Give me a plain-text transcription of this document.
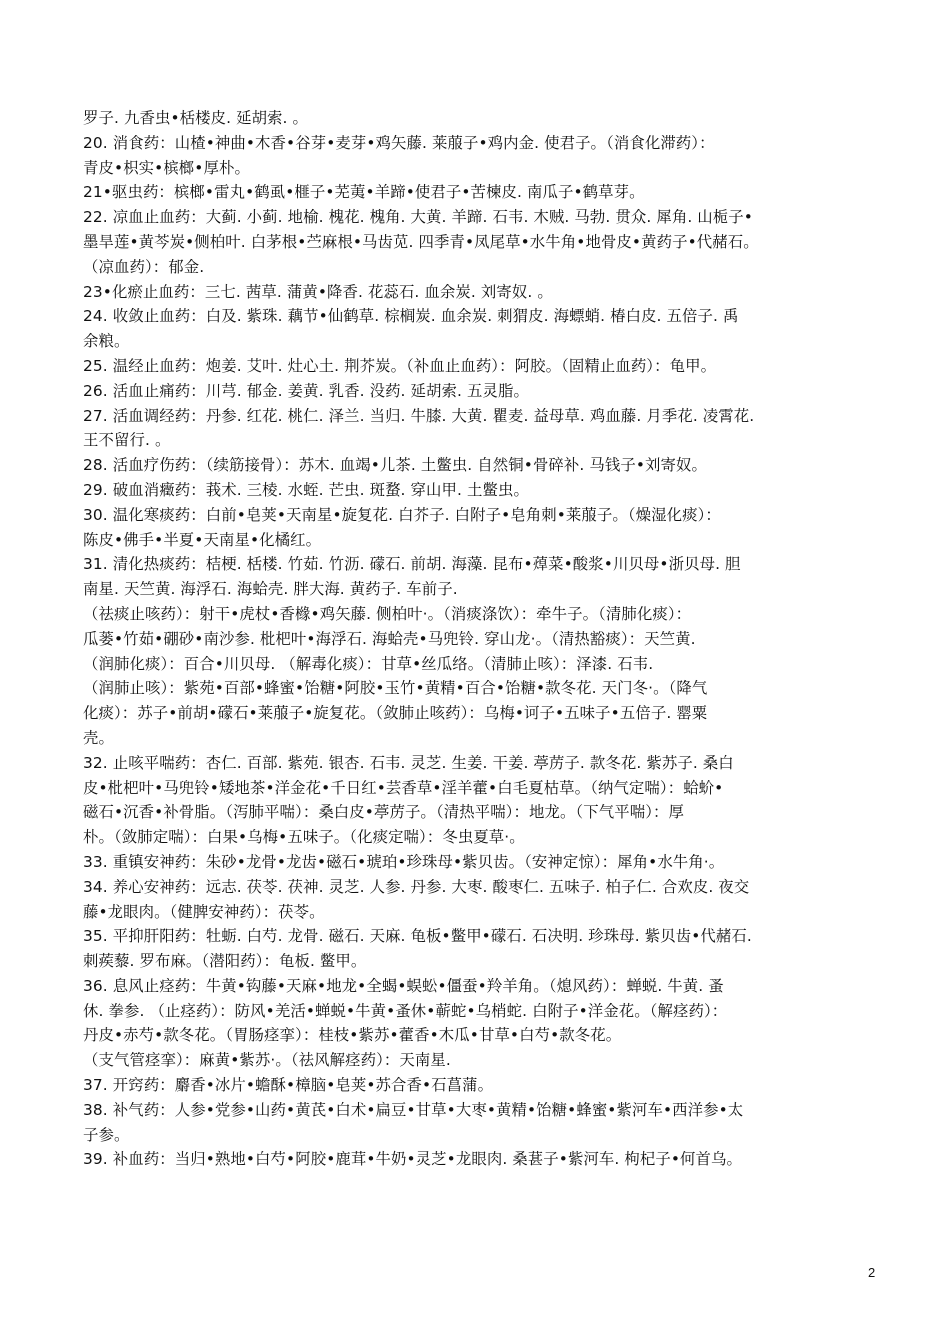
罗子. 九香虫•栝楼皮. 延胡索. 。
20. 消食药：山楂•神曲•木香•谷芽•麦芽•鸡矢藤. 莱菔子•鸡内金. 使君子。（消食化滞药）：
青皮•枳实•槟榔•厚朴。
21•驱虫药：槟榔•雷丸•鹤虱•榧子•芜荑•羊蹄•使君子•苦楝皮. 南瓜子•鹤草芽。
22. 凉血止血药：大蓟. 小蓟. 地榆. 槐花. 槐角. 大黄. 羊蹄. 石韦. 木贼. 马勃. 贯众. 犀角. 山栀子•
墨旱莲•黄芩炭•侧柏叶. 白茅根•苎麻根•马齿苋. 四季青•凤尾草•水牛角•地骨皮•黄药子•代赭石。
（凉血药）：郁金.
23•化瘀止血药：三七. 茜草. 蒲黄•降香. 花蕊石. 血余炭. 刘寄奴. 。
24. 收敛止血药：白及. 紫珠. 藕节•仙鹤草. 棕榈炭. 血余炭. 刺猬皮. 海螵蛸. 椿白皮. 五倍子. 禹
余粮。
25. 温经止血药：炮姜. 艾叶. 灶心土. 荆芥炭。（补血止血药）：阿胶。（固精止血药）：龟甲。
26. 活血止痛药：川芎. 郁金. 姜黄. 乳香. 没药. 延胡索. 五灵脂。
27. 活血调经药：丹参. 红花. 桃仁. 泽兰. 当归. 牛膝. 大黄. 瞿麦. 益母草. 鸡血藤. 月季花. 凌霄花.
王不留行. 。
28. 活血疗伤药：（续筋接骨）：苏木. 血竭•儿茶. 土鳖虫. 自然铜•骨碎补. 马钱子•刘寄奴。
29. 破血消癥药：莪术. 三棱. 水蛭. 芒虫. 斑蝥. 穿山甲. 土鳖虫。
30. 温化寒痰药：白前•皂荚•天南星•旋复花. 白芥子. 白附子•皂角刺•莱菔子。（燥湿化痰）：
陈皮•佛手•半夏•天南星•化橘红。
31. 清化热痰药：桔梗. 栝楼. 竹茹. 竹沥. 礞石. 前胡. 海藻. 昆布•蔊菜•酸浆•川贝母•浙贝母. 胆
南星. 天竺黄. 海浮石. 海蛤壳. 胖大海. 黄药子. 车前子.
（祛痰止咳药）：射干•虎杖•香橼•鸡矢藤. 侧柏叶·。（消痰涤饮）：牵牛子。（清肺化痰）：
瓜蒌•竹茹•硼砂•南沙参. 枇杷叶•海浮石. 海蛤壳•马兜铃. 穿山龙·。（清热豁痰）：天竺黄.
（润肺化痰）：百合•川贝母. （解毒化痰）：甘草•丝瓜络。（清肺止咳）：泽漆. 石韦.
（润肺止咳）：紫苑•百部•蜂蜜•饴糖•阿胶•玉竹•黄精•百合•饴糖•款冬花. 天门冬·。（降气
化痰）：苏子•前胡•礞石•莱菔子•旋复花。（敛肺止咳药）：乌梅•诃子•五味子•五倍子. 罂粟
壳。
32. 止咳平喘药：杏仁. 百部. 紫苑. 银杏. 石韦. 灵芝. 生姜. 干姜. 葶苈子. 款冬花. 紫苏子. 桑白
皮•枇杷叶•马兜铃•矮地茶•洋金花•千日红•芸香草•淫羊藿•白毛夏枯草。（纳气定喘）：蛤蚧•
磁石•沉香•补骨脂。（泻肺平喘）：桑白皮•葶苈子。（清热平喘）：地龙。（下气平喘）：厚
朴。（敛肺定喘）：白果•乌梅•五味子。（化痰定喘）：冬虫夏草·。
33. 重镇安神药：朱砂•龙骨•龙齿•磁石•琥珀•珍珠母•紫贝齿。（安神定惊）：犀角•水牛角·。
34. 养心安神药：远志. 茯苓. 茯神. 灵芝. 人参. 丹参. 大枣. 酸枣仁. 五味子. 柏子仁. 合欢皮. 夜交
藤•龙眼肉。（健脾安神药）：茯苓。
35. 平抑肝阳药：牡蛎. 白芍. 龙骨. 磁石. 天麻. 龟板•鳖甲•礞石. 石决明. 珍珠母. 紫贝齿•代赭石.
刺蒺藜. 罗布麻。（潜阳药）：龟板. 鳖甲。
36. 息风止痉药：牛黄•钩藤•天麻•地龙•全蝎•蜈蚣•僵蚕•羚羊角。（熄风药）：蝉蜕. 牛黄. 蚤
休. 拳参. （止痉药）：防风•羌活•蝉蜕•牛黄•蚤休•蕲蛇•乌梢蛇. 白附子•洋金花。（解痉药）：
丹皮•赤芍•款冬花。（胃肠痉挛）：桂枝•紫苏•藿香•木瓜•甘草•白芍•款冬花。
（支气管痉挛）：麻黄•紫苏·。（祛风解痉药）：天南星.
37. 开窍药：麝香•冰片•蟾酥•樟脑•皂荚•苏合香•石菖蒲。
38. 补气药：人参•党参•山药•黄芪•白术•扁豆•甘草•大枣•黄精•饴糖•蜂蜜•紫河车•西洋参•太
子参。
39. 补血药：当归•熟地•白芍•阿胶•鹿茸•牛奶•灵芝•龙眼肉. 桑葚子•紫河车. 枸杞子•何首乌。
2
